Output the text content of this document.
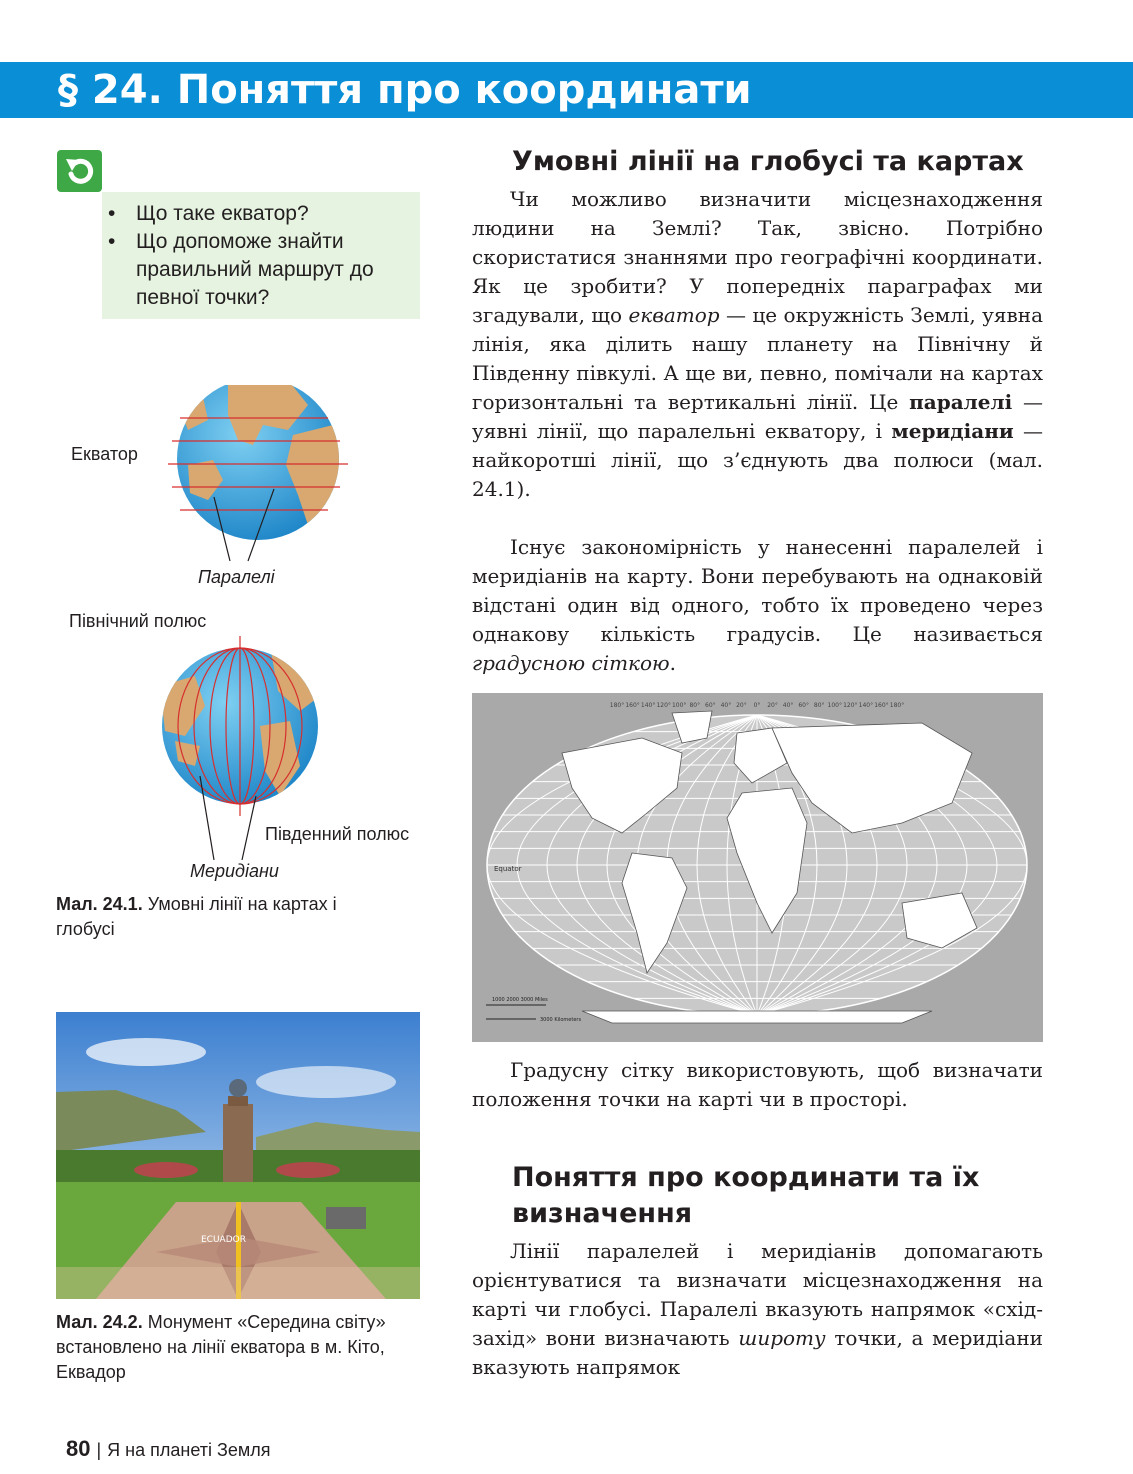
§ 24. Поняття про координати
• Що таке екватор?
• Що допоможе знайти правильний маршрут до певної точки?
Екватор
Паралелі
Північний полюс
Південний полюс
Меридіани
Мал. 24.1. Умовні лінії на картах і глобусі
ECUADOR
Мал. 24.2. Монумент «Середина світу» встановлено на лінії екватора в м. Кіто, Еквадор
Умовні лінії на глобусі та картах
Чи можливо визначити місцезнаходження людини на Землі? Так, звісно. Потрібно скористатися знаннями про географічні координати. Як це зробити? У попередніх параграфах ми згадували, що екватор — це окружність Землі, уявна лінія, яка ділить нашу планету на Північну й Південну півкулі. А ще ви, певно, помічали на картах горизонтальні та вертикальні лінії. Це паралелі — уявні лінії, що паралельні екватору, і меридіани — найкоротші лінії, що з’єднують два полюси (мал. 24.1).
Існує закономірність у нанесенні паралелей і меридіанів на карту. Вони перебувають на однаковій відстані один від одного, тобто їх проведено через однакову кількість градусів. Це називається градусною сіткою.
Equator
180° 160° 140° 120° 100° 80° 60° 40° 20° 0° 20° 40° 60° 80° 100° 120° 140° 160° 180°
1000 2000 3000 Miles
3000 Kilometers
Градусну сітку використовують, щоб визначати положення точки на карті чи в просторі.
Поняття про координати та їх
визначення
Лінії паралелей і меридіанів допомагають орієнтуватися та визначати місцезнаходження на карті чи глобусі. Паралелі вказують напрямок «схід-захід» вони визначають широту точки, а меридіани вказують напрямок
80 | Я на планеті Земля
